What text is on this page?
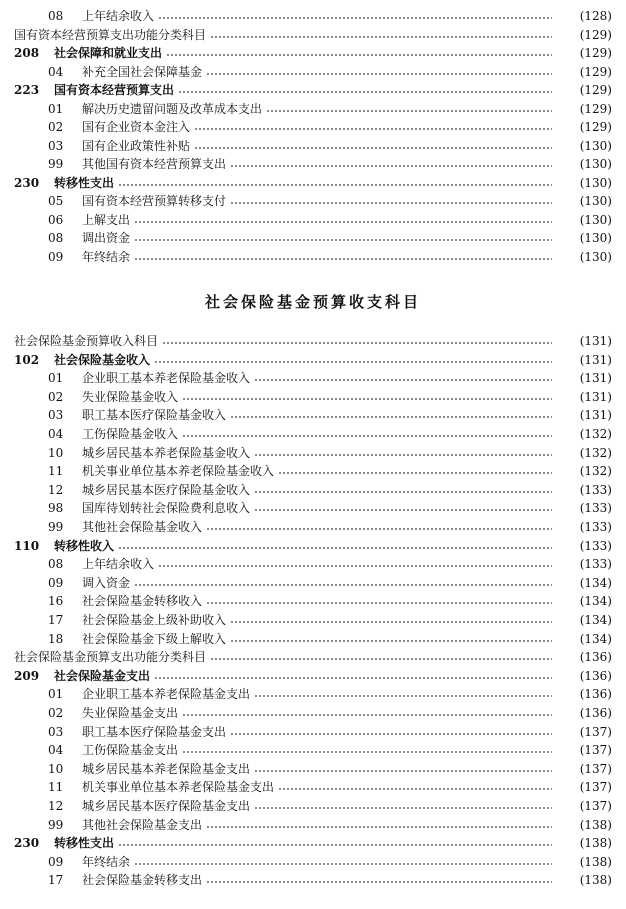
08	上年结余收入	(128)
国有资本经营预算支出功能分类科目	(129)
208	社会保障和就业支出	(129)
04	补充全国社会保障基金	(129)
223	国有资本经营预算支出	(129)
01	解决历史遗留问题及改革成本支出	(129)
02	国有企业资本金注入	(129)
03	国有企业政策性补贴	(130)
99	其他国有资本经营预算支出	(130)
230	转移性支出	(130)
05	国有资本经营预算转移支付	(130)
06	上解支出	(130)
08	调出资金	(130)
09	年终结余	(130)
社会保险基金预算收支科目
社会保险基金预算收入科目	(131)
102	社会保险基金收入	(131)
01	企业职工基本养老保险基金收入	(131)
02	失业保险基金收入	(131)
03	职工基本医疗保险基金收入	(131)
04	工伤保险基金收入	(132)
10	城乡居民基本养老保险基金收入	(132)
11	机关事业单位基本养老保险基金收入	(132)
12	城乡居民基本医疗保险基金收入	(133)
98	国库待划转社会保险费利息收入	(133)
99	其他社会保险基金收入	(133)
110	转移性收入	(133)
08	上年结余收入	(133)
09	调入资金	(134)
16	社会保险基金转移收入	(134)
17	社会保险基金上级补助收入	(134)
18	社会保险基金下级上解收入	(134)
社会保险基金预算支出功能分类科目	(136)
209	社会保险基金支出	(136)
01	企业职工基本养老保险基金支出	(136)
02	失业保险基金支出	(136)
03	职工基本医疗保险基金支出	(137)
04	工伤保险基金支出	(137)
10	城乡居民基本养老保险基金支出	(137)
11	机关事业单位基本养老保险基金支出	(137)
12	城乡居民基本医疗保险基金支出	(137)
99	其他社会保险基金支出	(138)
230	转移性支出	(138)
09	年终结余	(138)
17	社会保险基金转移支出	(138)
